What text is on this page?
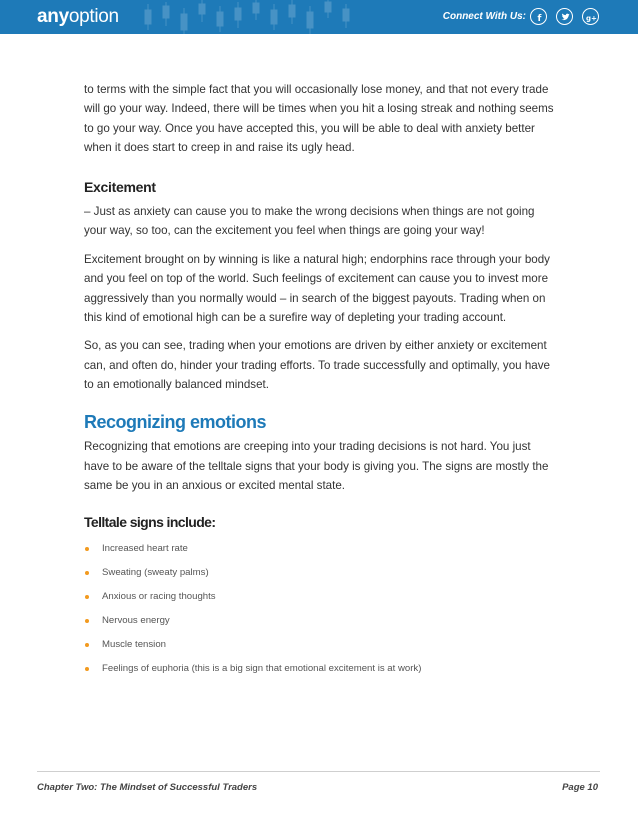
anyoption	Connect With Us: f	g+

to terms with the simple fact that you will occasionally lose money, and that not every trade will go your way. Indeed, there will be times when you hit a losing streak and nothing seems to go your way. Once you have accepted this, you will be able to deal with anxiety better when it does start to creep in and raise its ugly head.

Excitement

– Just as anxiety can cause you to make the wrong decisions when things are not going your way, so too, can the excitement you feel when things are going your way!

Excitement brought on by winning is like a natural high; endorphins race through your body and you feel on top of the world. Such feelings of excitement can cause you to invest more aggressively than you normally would – in search of the biggest payouts. Trading when on this kind of emotional high can be a surefire way of depleting your trading account.

So, as you can see, trading when your emotions are driven by either anxiety or excitement can, and often do, hinder your trading efforts. To trade successfully and optimally, you have to an emotionally balanced mindset.

Recognizing emotions

Recognizing that emotions are creeping into your trading decisions is not hard. You just have to be aware of the telltale signs that your body is giving you. The signs are mostly the same be you in an anxious or excited mental state.

Telltale signs include:
Increased heart rate
Sweating (sweaty palms)
Anxious or racing thoughts
Nervous energy
Muscle tension
Feelings of euphoria (this is a big sign that emotional excitement is at work)
Chapter Two: The Mindset of Successful Traders	Page 10
